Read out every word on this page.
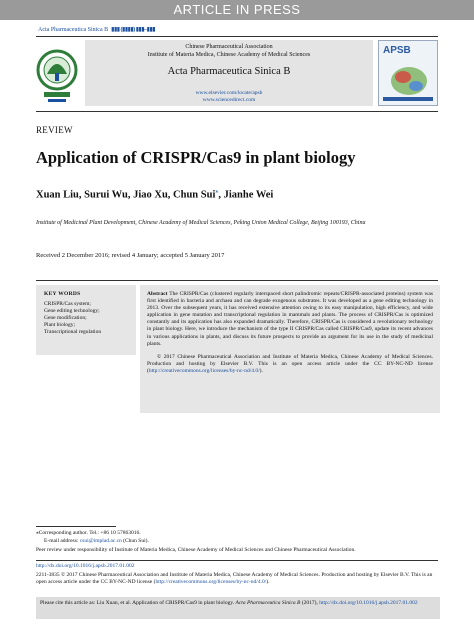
ARTICLE IN PRESS
Acta Pharmaceutica Sinica B ▮▮▮ (▮▮▮▮) ▮▮▮–▮▮▮
Chinese Pharmaceutical Association
Institute of Materia Medica, Chinese Academy of Medical Sciences
Acta Pharmaceutica Sinica B
www.elsevier.com/locate/apsb
www.sciencedirect.com
APSB
REVIEW
Application of CRISPR/Cas9 in plant biology
Xuan Liu, Surui Wu, Jiao Xu, Chun Sui⁎, Jianhe Wei
Institute of Medicinal Plant Development, Chinese Academy of Medical Sciences, Peking Union Medical College, Beijing 100193, China
Received 2 December 2016; revised 4 January; accepted 5 January 2017
KEY WORDS
CRISPR/Cas system;
Gene editing technology;
Gene modification;
Plant biology;
Transcriptional regulation

Abstract The CRISPR/Cas (clustered regularly interspaced short palindromic repeats/CRISPR-associated proteins) system was first identified in bacteria and archaea and can degrade exogenous substrates. It was developed as a gene editing technology in 2013. Over the subsequent years, it has received extensive attention owing to its easy manipulation, high efficiency, and wide application in gene mutation and transcriptional regulation in mammals and plants. The process of CRISPR/Cas is optimized constantly and its application has also expanded dramatically. Therefore, CRISPR/Cas is considered a revolutionary technology in plant biology. Here, we introduce the mechanism of the type II CRISPR/Cas called CRISPR/Cas9, update its recent advances in various applications in plants, and discuss its future prospects to provide an argument for its use in the study of medicinal plants.

© 2017 Chinese Pharmaceutical Association and Institute of Materia Medica, Chinese Academy of Medical Sciences. Production and hosting by Elsevier B.V. This is an open access article under the CC BY-NC-ND license (http://creativecommons.org/licenses/by-nc-nd/4.0/).

⁎Corresponding author. Tel.: +86 10 57863016.
E-mail address: csui@implad.ac.cn (Chun Sui).
Peer review under responsibility of Institute of Materia Medica, Chinese Academy of Medical Sciences and Chinese Pharmaceutical Association.
http://dx.doi.org/10.1016/j.apsb.2017.01.002
2211-3835 © 2017 Chinese Pharmaceutical Association and Institute of Materia Medica, Chinese Academy of Medical Sciences. Production and hosting by Elsevier B.V. This is an open access article under the CC BY-NC-ND license (http://creativecommons.org/licenses/by-nc-nd/4.0/).
Please cite this article as: Liu Xuan, et al. Application of CRISPR/Cas9 in plant biology. Acta Pharmaceutica Sinica B (2017), http://dx.doi.org/10.1016/j.apsb.2017.01.002
